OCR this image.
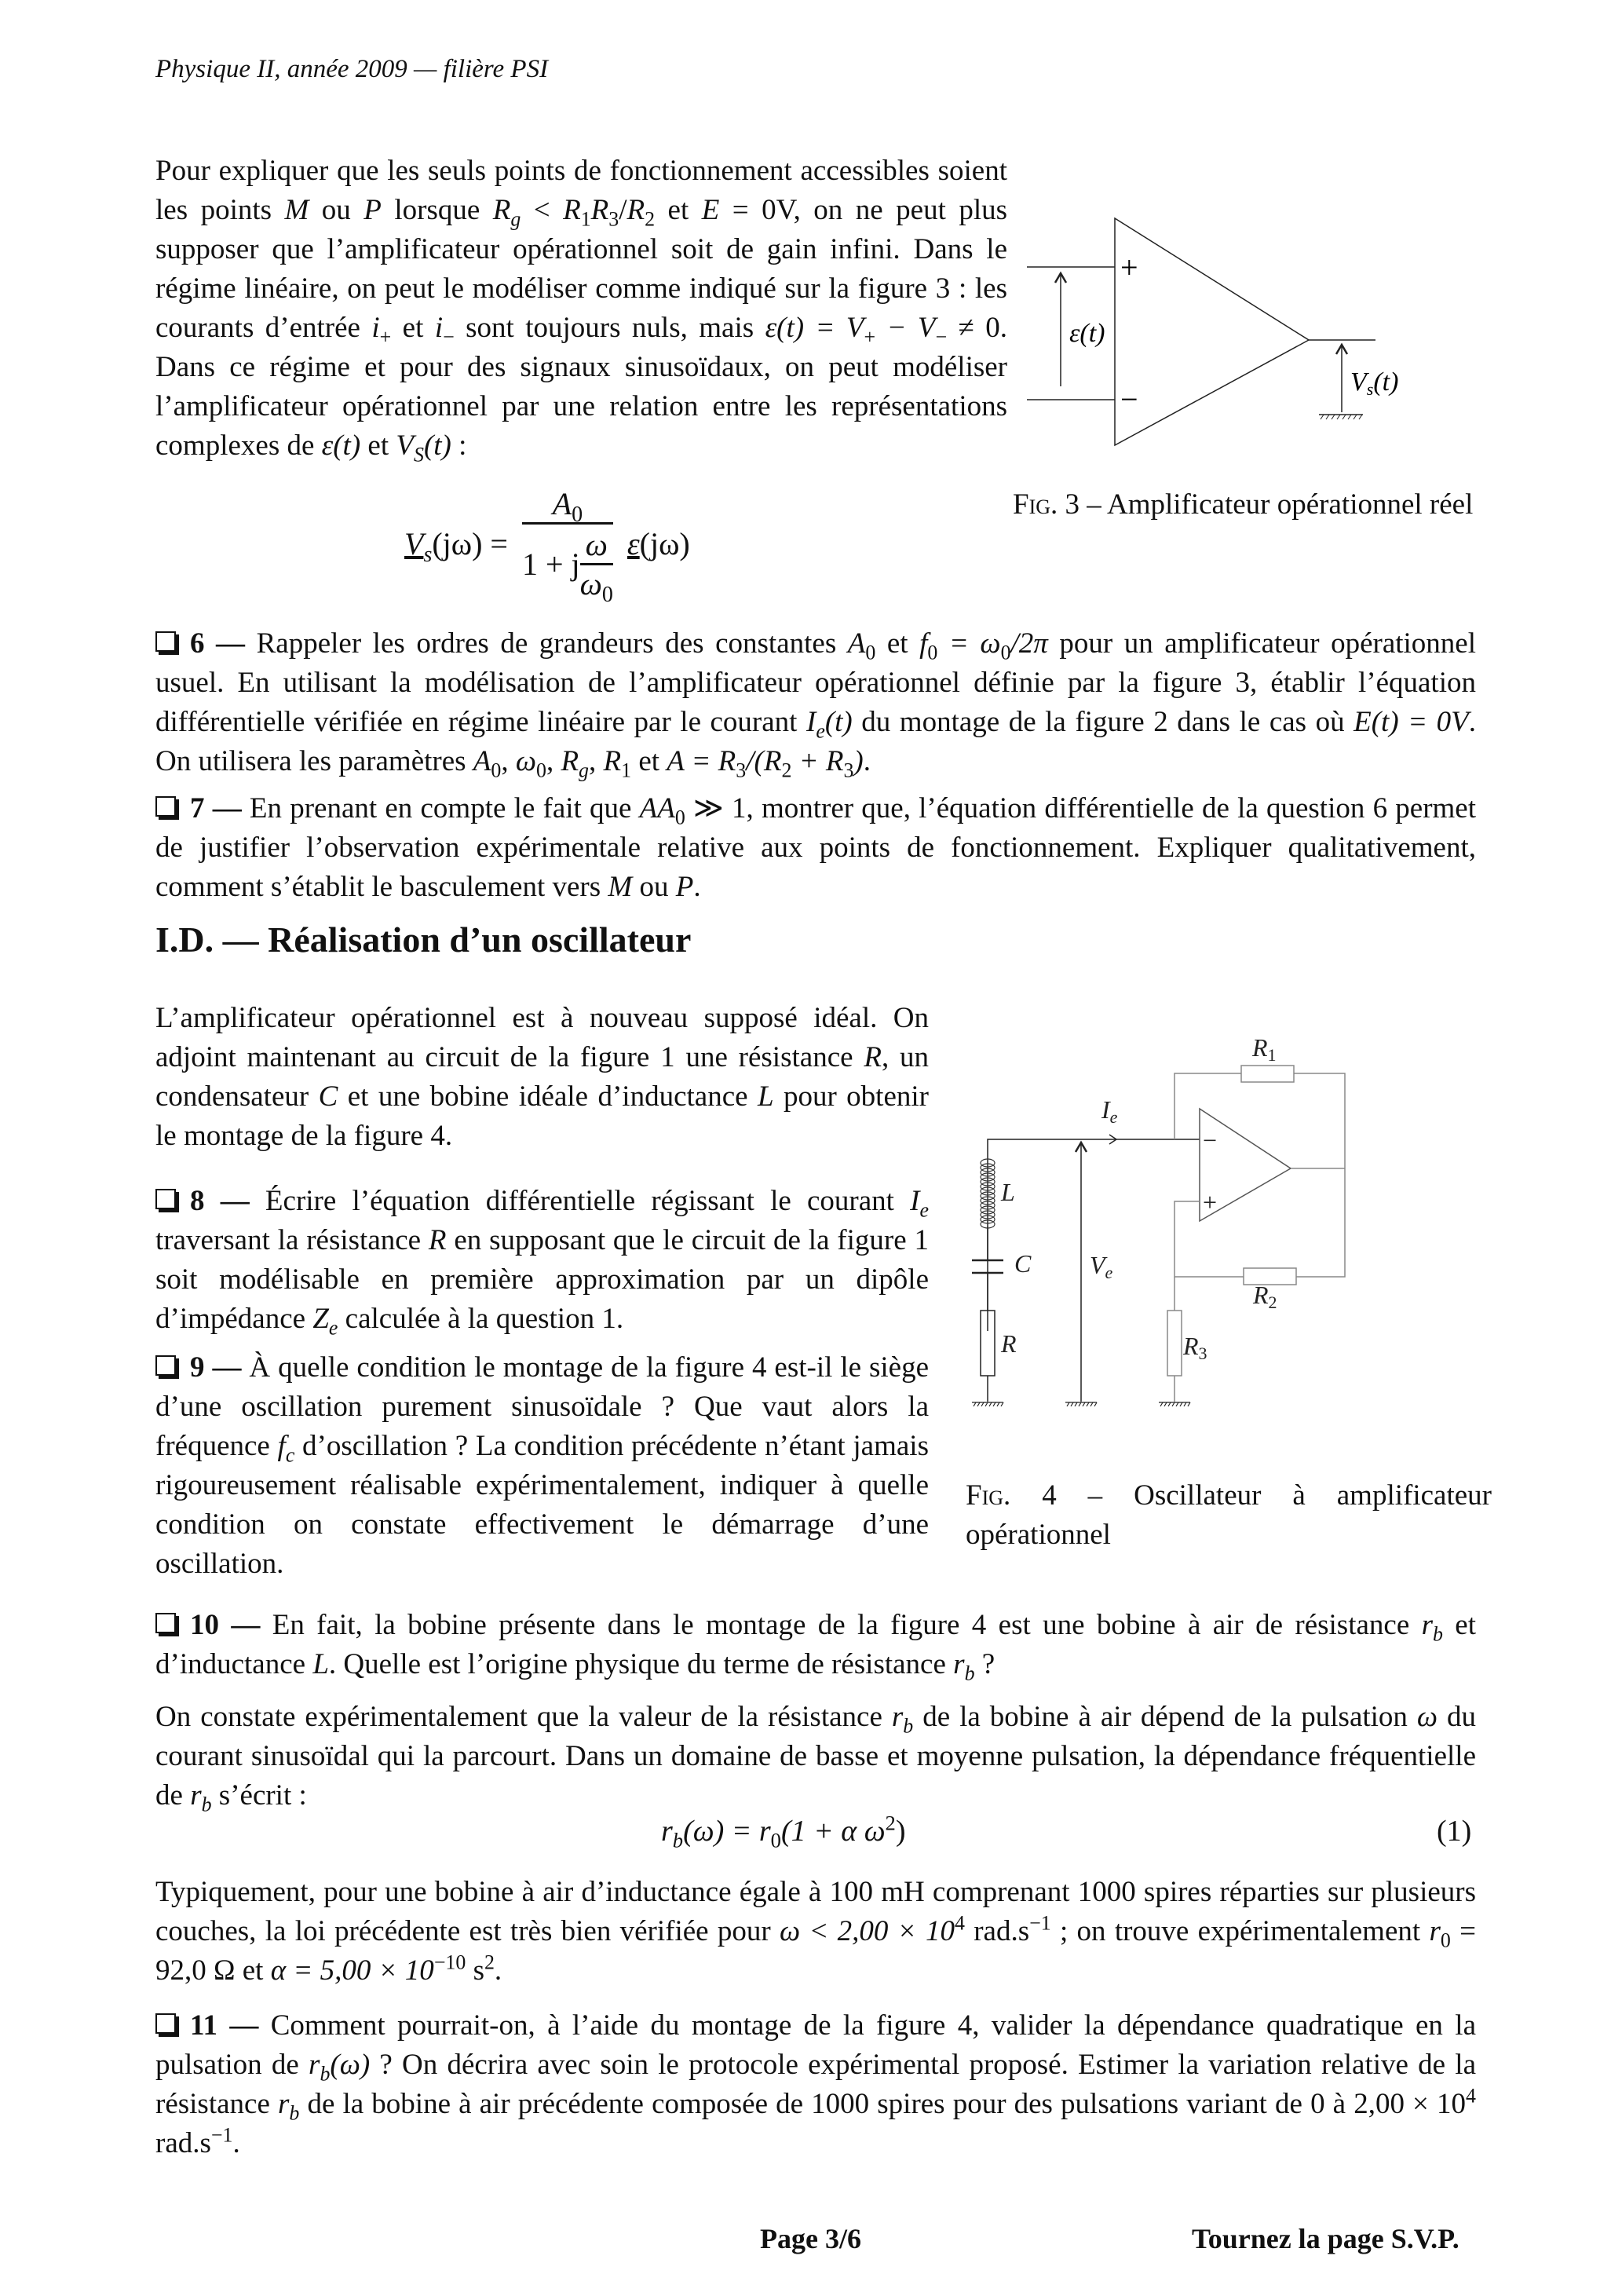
Physique II, année 2009 — filière PSI
Pour expliquer que les seuls points de fonctionnement accessibles soient les points M ou P lorsque $R_g < R_1R_3/R_2$ et E = 0V, on ne peut plus supposer que l’amplificateur opérationnel soit de gain infini. Dans le régime linéaire, on peut le modéliser comme indiqué sur la figure 3 : les courants d’entrée $i_+$ et $i_-$ sont toujours nuls, mais $\varepsilon(t) = V_+ - V_- \ne 0$. Dans ce régime et pour des signaux sinusoïdaux, on peut modéliser l’amplificateur opérationnel par une relation entre les représentations complexes de ε(t) et $V_S(t)$ :
$V_s(j\omega) = \frac{A_0}{1 + j \frac{\omega}{\omega_0}} \varepsilon(j\omega)$
+
−
ε(t)
Vs(t)
Fig. 3 – Amplificateur opérationnel réel
6 — Rappeler les ordres de grandeurs des constantes $A_0$ et $f_0 = \omega_0/2\pi$ pour un amplificateur opérationnel usuel. En utilisant la modélisation de l’amplificateur opérationnel définie par la figure 3, établir l’équation différentielle vérifiée en régime linéaire par le courant $I_e(t)$ du montage de la figure 2 dans le cas où E(t) = 0V. On utilisera les paramètres $A_0$, $\omega_0$, $R_g$, $R_1$ et $A = R_3/(R_2 + R_3)$.
7 — En prenant en compte le fait que $AA_0$ ≫ 1, montrer que, l’équation différentielle de la question 6 permet de justifier l’observation expérimentale relative aux points de fonctionnement. Expliquer qualitativement, comment s’établit le basculement vers M ou P.
I.D. — Réalisation d’un oscillateur
L’amplificateur opérationnel est à nouveau supposé idéal. On adjoint maintenant au circuit de la figure 1 une résistance R, un condensateur C et une bobine idéale d’inductance L pour obtenir le montage de la figure 4.
8 — Écrire l’équation différentielle régissant le courant $I_e$ traversant la résistance R en supposant que le circuit de la figure 1 soit modélisable en première approximation par un dipôle d’impédance $Z_e$ calculée à la question 1.
9 — À quelle condition le montage de la figure 4 est-il le siège d’une oscillation purement sinusoïdale ? Que vaut alors la fréquence $f_c$ d’oscillation ? La condition précédente n’étant jamais rigoureusement réalisable expérimentalement, indiquer à quelle condition on constate effectivement le démarrage d’une oscillation.
R1
R2
R3
L
C
R
Ie
Ve
−
+
Fig. 4 – Oscillateur à amplificateur opérationnel
10 — En fait, la bobine présente dans le montage de la figure 4 est une bobine à air de résistance $r_b$ et d’inductance L. Quelle est l’origine physique du terme de résistance $r_b$ ?
On constate expérimentalement que la valeur de la résistance $r_b$ de la bobine à air dépend de la pulsation ω du courant sinusoïdal qui la parcourt. Dans un domaine de basse et moyenne pulsation, la dépendance fréquentielle de $r_b$ s’écrit :
$r_b(\omega) = r_0(1 + \alpha$ $\omega^2$)	(1)
Typiquement, pour une bobine à air d’inductance égale à 100 mH comprenant 1000 spires réparties sur plusieurs couches, la loi précédente est très bien vérifiée pour $\omega < 2,00 \times 10^4$ $rad.s^{-1}$ ; on trouve expérimentalement $r_0 = 92,0$ Ω et $\alpha = 5,00 \times 10^{-10}$ $s^2$.
11 — Comment pourrait-on, à l’aide du montage de la figure 4, valider la dépendance quadratique en la pulsation de $r_b(\omega)$ ? On décrira avec soin le protocole expérimental proposé. Estimer la variation relative de la résistance $r_b$ de la bobine à air précédente composée de 1000 spires pour des pulsations variant de 0 à $2,00 \times 10^4$ $rad.s^{-1}$.
Page 3/6	Tournez la page S.V.P.
